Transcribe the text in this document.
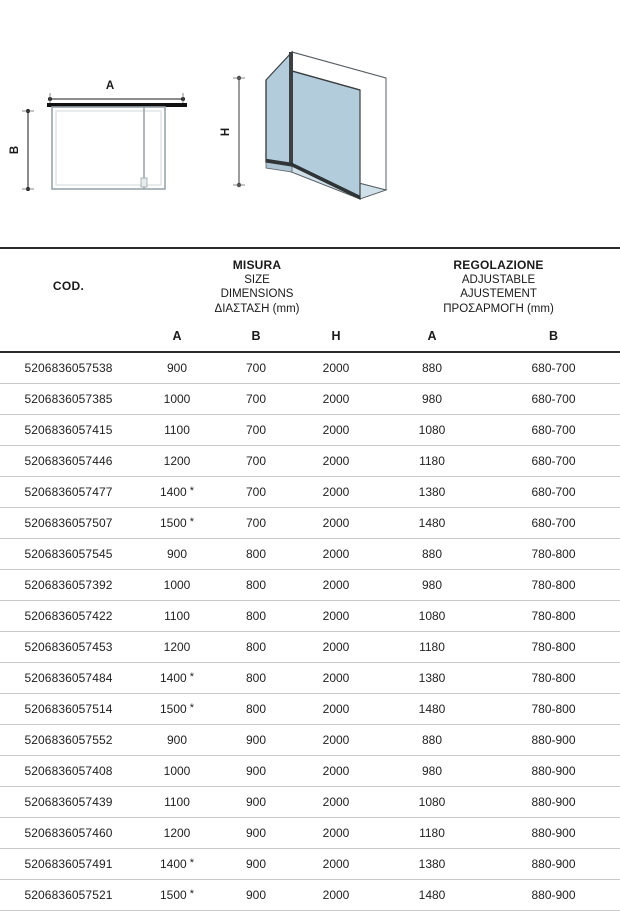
A
B
H
COD.	
MISURA
SIZE
DIMENSIONS
ΔΙΑΣΤΑΣΗ (mm)

REGOLAZIONE
ADJUSTABLE
AJUSTEMENT
ΠΡΟΣΑΡΜΟΓΗ (mm)

	A	B	H	A	B
5206836057538	900	700	2000	880	680-700
5206836057385	1000	700	2000	980	680-700
5206836057415	1100	700	2000	1080	680-700
5206836057446	1200	700	2000	1180	680-700
5206836057477	1400 *	700	2000	1380	680-700
5206836057507	1500 *	700	2000	1480	680-700
5206836057545	900	800	2000	880	780-800
5206836057392	1000	800	2000	980	780-800
5206836057422	1100	800	2000	1080	780-800
5206836057453	1200	800	2000	1180	780-800
5206836057484	1400 *	800	2000	1380	780-800
5206836057514	1500 *	800	2000	1480	780-800
5206836057552	900	900	2000	880	880-900
5206836057408	1000	900	2000	980	880-900
5206836057439	1100	900	2000	1080	880-900
5206836057460	1200	900	2000	1180	880-900
5206836057491	1400 *	900	2000	1380	880-900
5206836057521	1500 *	900	2000	1480	880-900
